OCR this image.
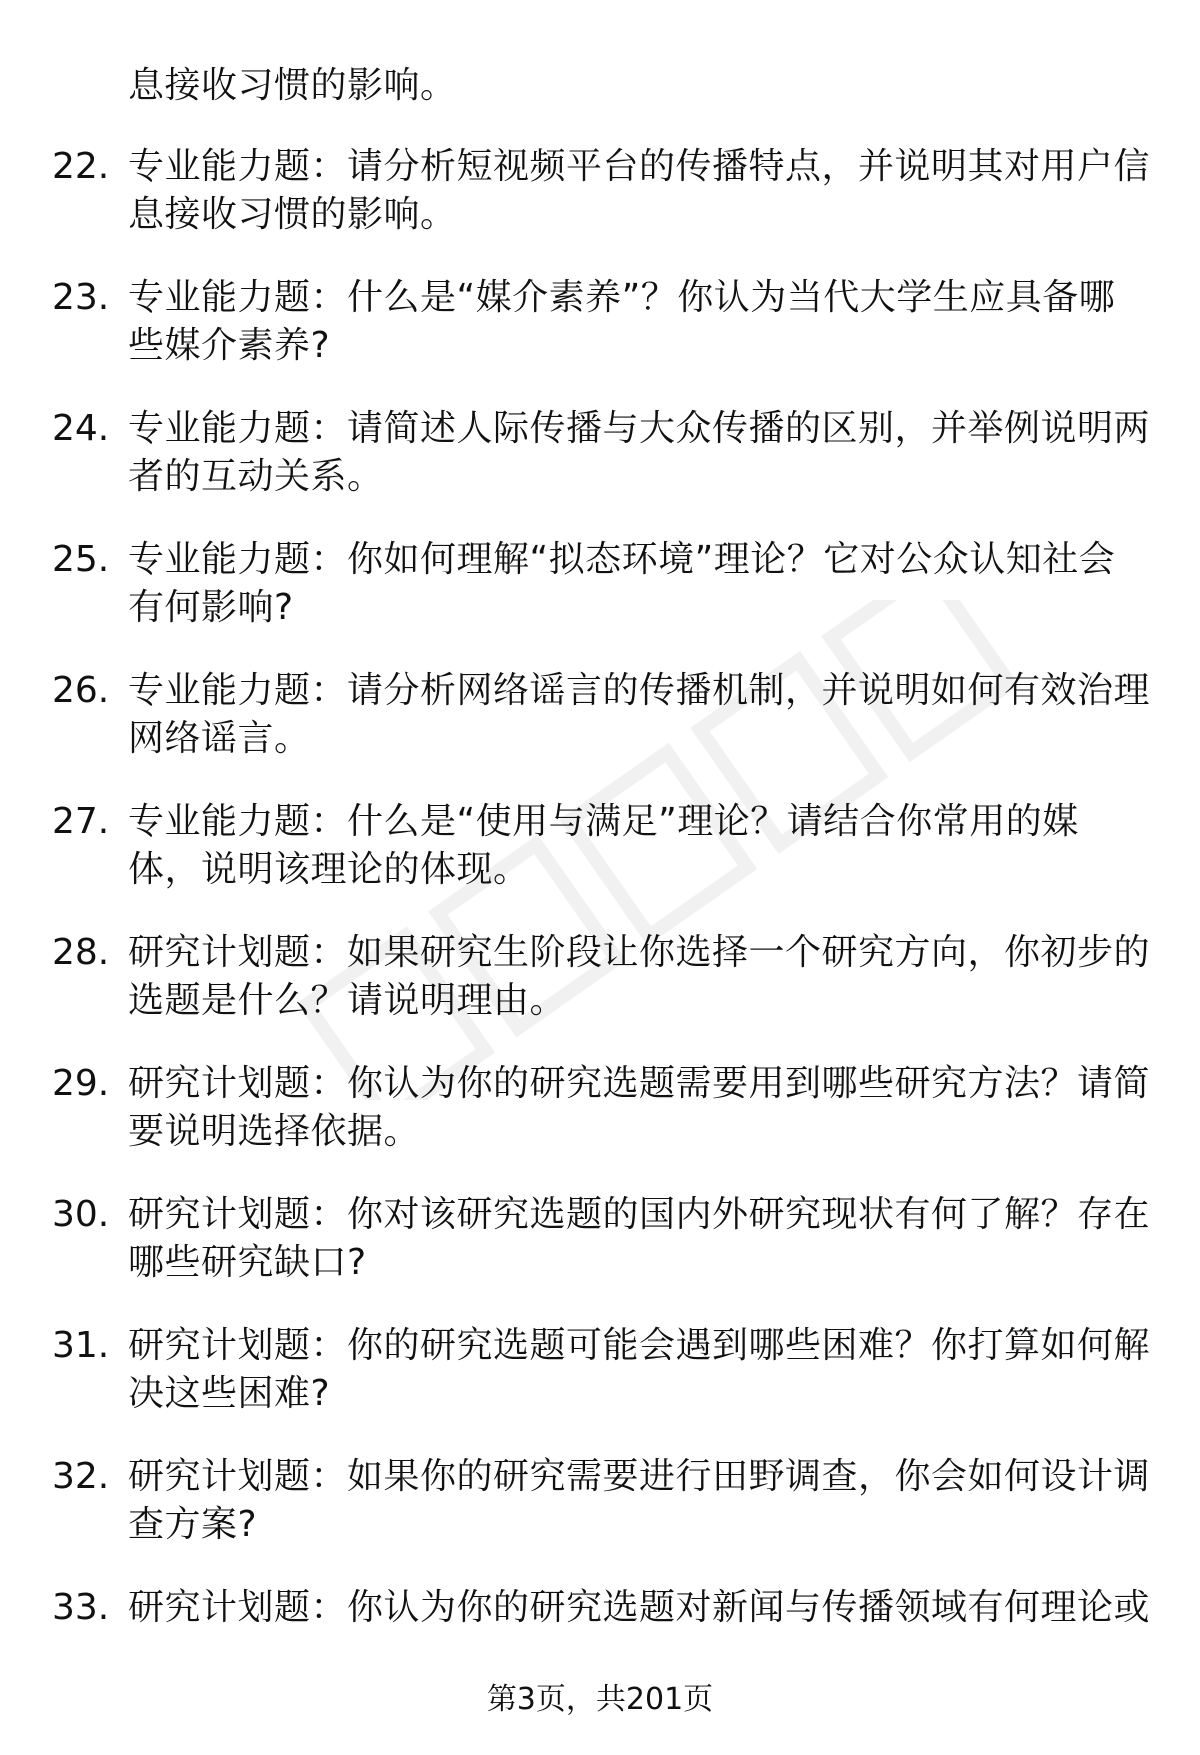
息接收习惯的影响。
22. 专业能力题：请分析短视频平台的传播特点，并说明其对用户信
息接收习惯的影响。
23. 专业能力题：什么是“媒介素养”？你认为当代大学生应具备哪
些媒介素养?
24. 专业能力题：请简述人际传播与大众传播的区别，并举例说明两
者的互动关系。
25. 专业能力题：你如何理解“拟态环境”理论？它对公众认知社会
有何影响?
26. 专业能力题：请分析网络谣言的传播机制，并说明如何有效治理
网络谣言。
27. 专业能力题：什么是“使用与满足”理论？请结合你常用的媒
体，说明该理论的体现。
28. 研究计划题：如果研究生阶段让你选择一个研究方向，你初步的
选题是什么？请说明理由。
29. 研究计划题：你认为你的研究选题需要用到哪些研究方法？请简
要说明选择依据。
30. 研究计划题：你对该研究选题的国内外研究现状有何了解？存在
哪些研究缺口?
31. 研究计划题：你的研究选题可能会遇到哪些困难？你打算如何解
决这些困难?
32. 研究计划题：如果你的研究需要进行田野调查，你会如何设计调
查方案?
33. 研究计划题：你认为你的研究选题对新闻与传播领域有何理论或
第3页，共201页
